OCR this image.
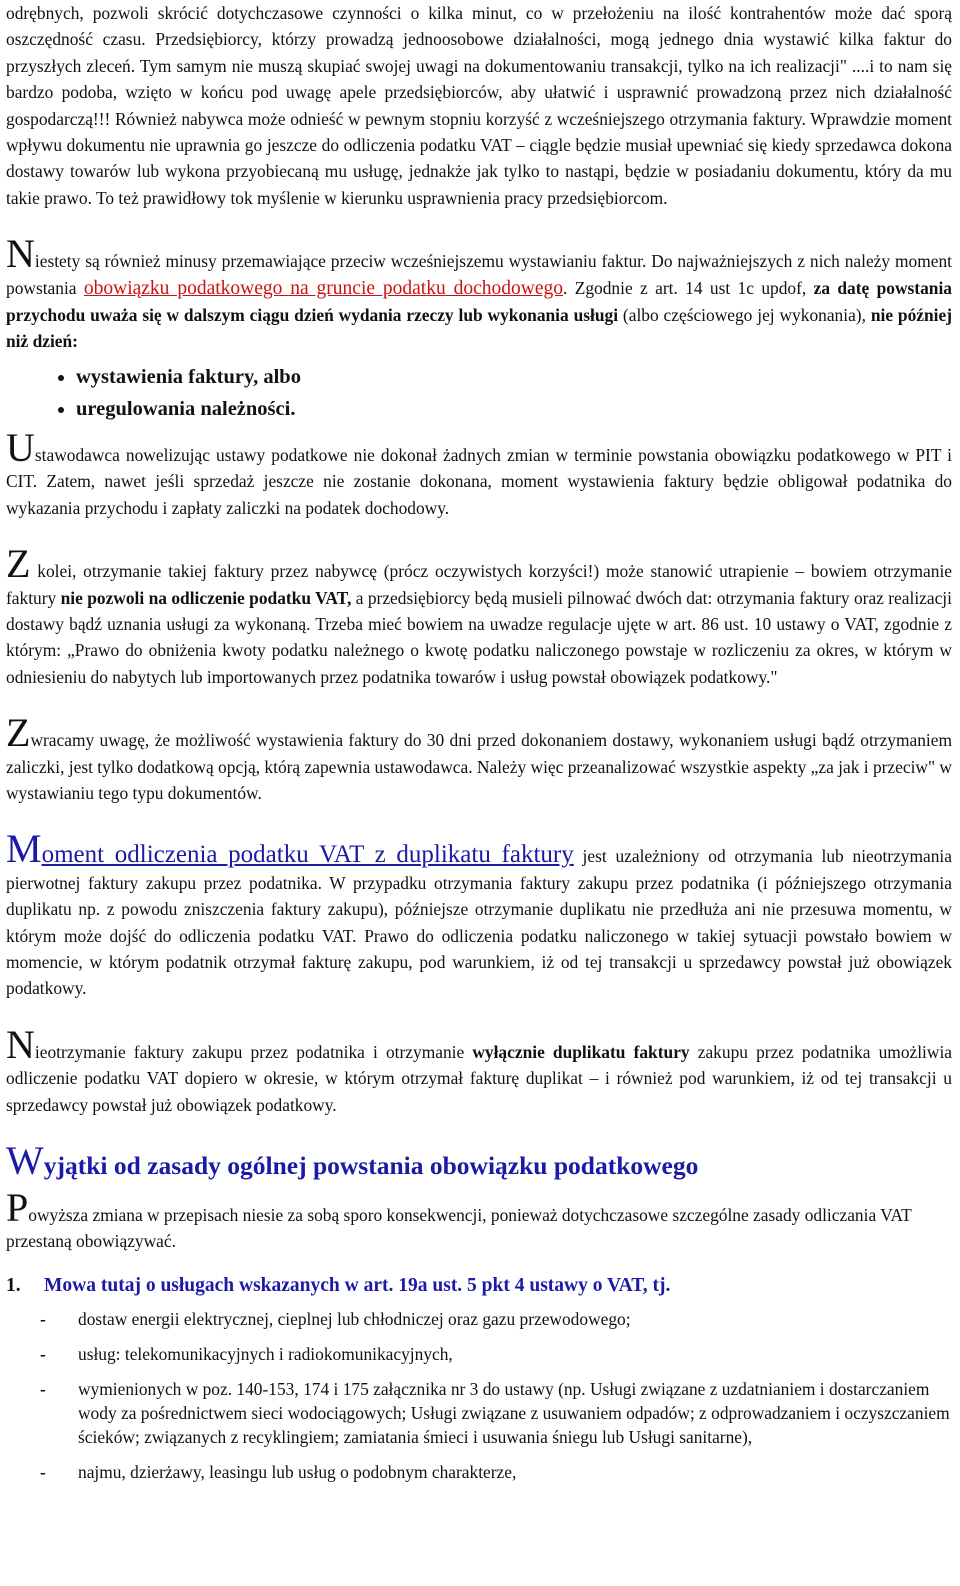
odrębnych, pozwoli skrócić dotychczasowe czynności o kilka minut, co w przełożeniu na ilość kontrahentów może dać sporą oszczędność czasu. Przedsiębiorcy, którzy prowadzą jednoosobowe działalności, mogą jednego dnia wystawić kilka faktur do przyszłych zleceń. Tym samym nie muszą skupiać swojej uwagi na dokumentowaniu transakcji, tylko na ich realizacji" ....i to nam się bardzo podoba, wzięto w końcu pod uwagę apele przedsiębiorców, aby ułatwić i usprawnić prowadzoną przez nich działalność gospodarczą!!! Również nabywca może odnieść w pewnym stopniu korzyść z wcześniejszego otrzymania faktury. Wprawdzie moment wpływu dokumentu nie uprawnia go jeszcze do odliczenia podatku VAT – ciągle będzie musiał upewniać się kiedy sprzedawca dokona dostawy towarów lub wykona przyobiecaną mu usługę, jednakże jak tylko to nastąpi, będzie w posiadaniu dokumentu, który da mu takie prawo. To też prawidłowy tok myślenie w kierunku usprawnienia pracy przedsiębiorcom.

Niestety są również minusy przemawiające przeciw wcześniejszemu wystawianiu faktur. Do najważniejszych z nich należy moment powstania obowiązku podatkowego na gruncie podatku dochodowego. Zgodnie z art. 14 ust 1c updof, za datę powstania przychodu uważa się w dalszym ciągu dzień wydania rzeczy lub wykonania usługi (albo częściowego jej wykonania), nie później niż dzień:

• wystawienia faktury, albo
• uregulowania należności.

Ustawodawca nowelizując ustawy podatkowe nie dokonał żadnych zmian w terminie powstania obowiązku podatkowego w PIT i CIT. Zatem, nawet jeśli sprzedaż jeszcze nie zostanie dokonana, moment wystawienia faktury będzie obligował podatnika do wykazania przychodu i zapłaty zaliczki na podatek dochodowy.

Z kolei, otrzymanie takiej faktury przez nabywcę (prócz oczywistych korzyści!) może stanowić utrapienie – bowiem otrzymanie faktury nie pozwoli na odliczenie podatku VAT, a przedsiębiorcy będą musieli pilnować dwóch dat: otrzymania faktury oraz realizacji dostawy bądź uznania usługi za wykonaną. Trzeba mieć bowiem na uwadze regulacje ujęte w art. 86 ust. 10 ustawy o VAT, zgodnie z którym: „Prawo do obniżenia kwoty podatku należnego o kwotę podatku naliczonego powstaje w rozliczeniu za okres, w którym w odniesieniu do nabytych lub importowanych przez podatnika towarów i usług powstał obowiązek podatkowy."

Zwracamy uwagę, że możliwość wystawienia faktury do 30 dni przed dokonaniem dostawy, wykonaniem usługi bądź otrzymaniem zaliczki, jest tylko dodatkową opcją, którą zapewnia ustawodawca. Należy więc przeanalizować wszystkie aspekty „za jak i przeciw" w wystawianiu tego typu dokumentów.

Moment odliczenia podatku VAT z duplikatu faktury jest uzależniony od otrzymania lub nieotrzymania pierwotnej faktury zakupu przez podatnika. W przypadku otrzymania faktury zakupu przez podatnika (i późniejszego otrzymania duplikatu np. z powodu zniszczenia faktury zakupu), późniejsze otrzymanie duplikatu nie przedłuża ani nie przesuwa momentu, w którym może dojść do odliczenia podatku VAT. Prawo do odliczenia podatku naliczonego w takiej sytuacji powstało bowiem w momencie, w którym podatnik otrzymał fakturę zakupu, pod warunkiem, iż od tej transakcji u sprzedawcy powstał już obowiązek podatkowy.

Nieotrzymanie faktury zakupu przez podatnika i otrzymanie wyłącznie duplikatu faktury zakupu przez podatnika umożliwia odliczenie podatku VAT dopiero w okresie, w którym otrzymał fakturę duplikat – i również pod warunkiem, iż od tej transakcji u sprzedawcy powstał już obowiązek podatkowy.

Wyjątki od zasady ogólnej powstania obowiązku podatkowego

Powyższa zmiana w przepisach niesie za sobą sporo konsekwencji, ponieważ dotychczasowe szczególne zasady odliczania VAT przestaną obowiązywać.

1.	Mowa tutaj o usługach wskazanych w art. 19a ust. 5 pkt 4 ustawy o VAT, tj.
-	dostaw energii elektrycznej, cieplnej lub chłodniczej oraz gazu przewodowego;
-	usług: telekomunikacyjnych i radiokomunikacyjnych,
-	wymienionych w poz. 140-153, 174 i 175 załącznika nr 3 do ustawy (np. Usługi związane z uzdatnianiem i dostarczaniem wody za pośrednictwem sieci wodociągowych; Usługi związane z usuwaniem odpadów; z odprowadzaniem i oczyszczaniem ścieków; związanych z recyklingiem; zamiatania śmieci i usuwania śniegu lub Usługi sanitarne),
-	najmu, dzierżawy, leasingu lub usług o podobnym charakterze,
